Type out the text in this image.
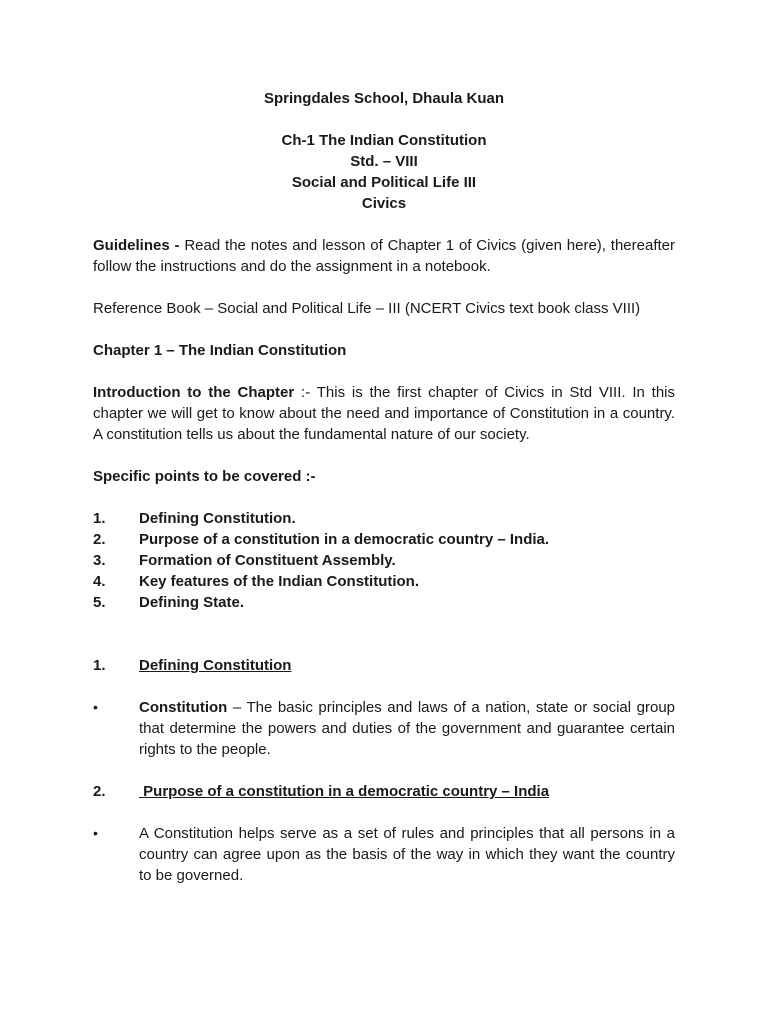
Springdales School, Dhaula Kuan
Ch-1 The Indian Constitution
Std. – VIII
Social and Political Life III
Civics
Guidelines - Read the notes and lesson of Chapter 1 of Civics (given here), thereafter follow the instructions and do the assignment in a notebook.
Reference Book – Social and Political Life – III (NCERT Civics text book class VIII)
Chapter 1 – The Indian Constitution
Introduction to the Chapter :- This is the first chapter of Civics in Std VIII. In this chapter we will get to know about the need and importance of Constitution in a country. A constitution tells us about the fundamental nature of our society.
Specific points to be covered :-
1.	Defining Constitution.
2.	Purpose of a constitution in a democratic country – India.
3.	Formation of Constituent Assembly.
4.	Key features of the Indian Constitution.
5.	Defining State.
1.	Defining Constitution
•	Constitution – The basic principles and laws of a nation, state or social group that determine the powers and duties of the government and guarantee certain rights to the people.
2.	Purpose of a constitution in a democratic country – India
•	A Constitution helps serve as a set of rules and principles that all persons in a country can agree upon as the basis of the way in which they want the country to be governed.
